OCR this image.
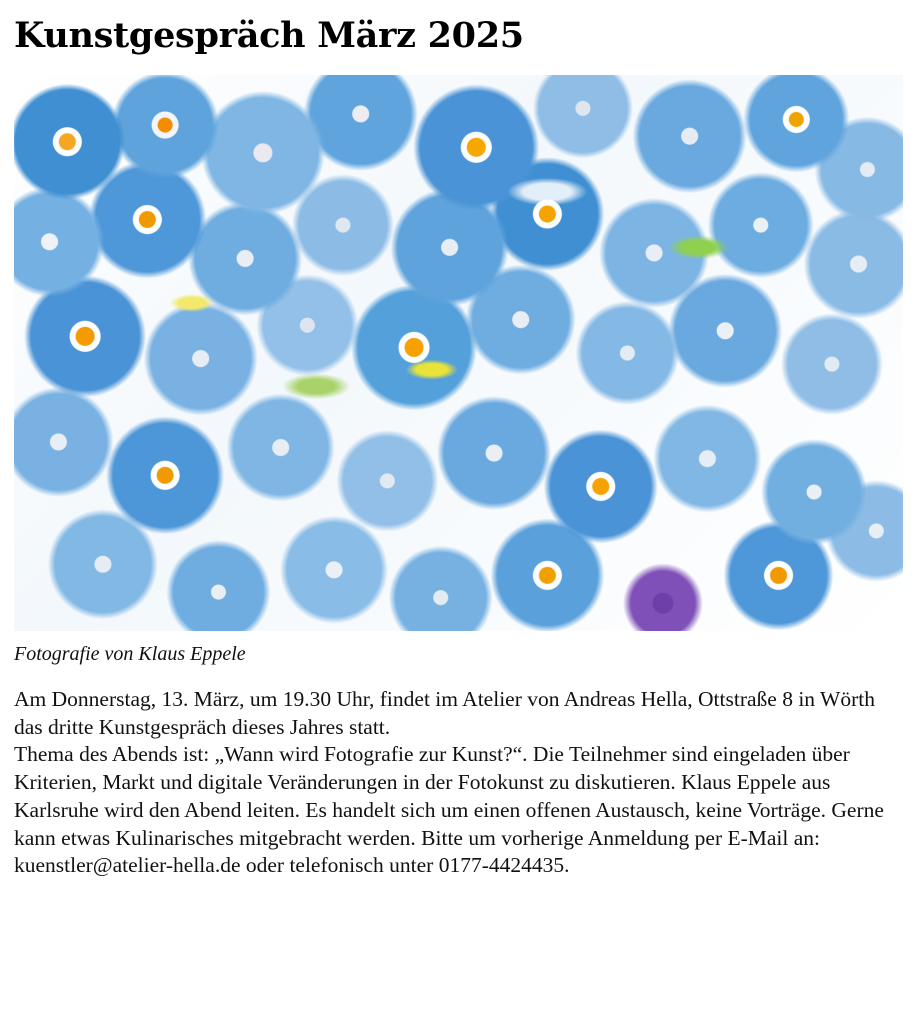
Kunstgespräch März 2025
Fotografie von Klaus Eppele

Am Donnerstag, 13. März, um 19.30 Uhr, findet im Atelier von Andreas Hella, Ottstraße 8 in Wörth das dritte Kunstgespräch dieses Jahres statt.

Thema des Abends ist: „Wann wird Fotografie zur Kunst?“. Die Teilnehmer sind eingeladen über Kriterien, Markt und digitale Veränderungen in der Fotokunst zu diskutieren. Klaus Eppele aus Karlsruhe wird den Abend leiten. Es handelt sich um einen offenen Austausch, keine Vorträge. Gerne kann etwas Kulinarisches mitgebracht werden. Bitte um vorherige Anmeldung per E-Mail an: kuenstler@atelier-hella.de oder telefonisch unter 0177-4424435.
